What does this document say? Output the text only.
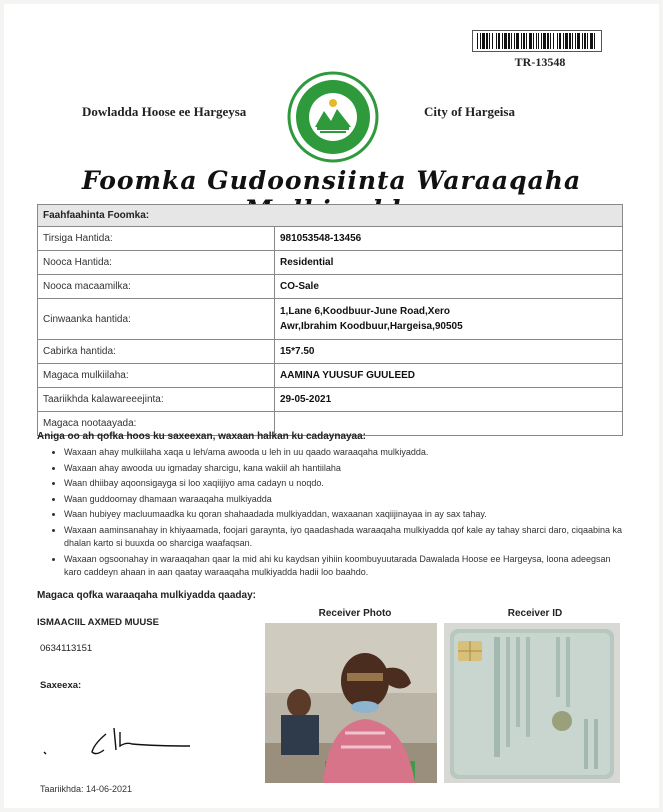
TR-13548
Dowladda Hoose ee Hargeysa	City of Hargeisa
Foomka Gudoonsiinta Waraaqaha
Faahfaahinta Foomka:	
Tirsiga Hantida:	981053548-13456
Nooca Hantida:	Residential
Nooca macaamilka:	CO-Sale
Cinwaanka hantida:	1,Lane 6,Koodbuur-June Road,Xero Awr,Ibrahim Koodbuur,Hargeisa,90505
Cabirka hantida:	15*7.50
Magaca mulkiilaha:	AAMINA YUUSUF GUULEED
Taariikhda kalawareeejinta:	29-05-2021
Magaca nootaayada:	
Aniga oo ah qofka hoos ku saxeexan, waxaan halkan ku cadaynayaa:
• Waxaan ahay mulkiilaha xaqa u leh/ama awooda u leh in uu qaado waraaqaha mulkiyadda.
• Waxaan ahay awooda uu igmaday sharcigu, kana wakiil ah hantiilaha
• Waan dhiibay aqoonsigayga si loo xaqiijiyo ama cadayn u noqdo.
• Waan guddoomay dhamaan waraaqaha mulkiyadda
• Waan hubiyey macluumaadka ku qoran shahaadada mulkiyaddan, waxaanan xaqiijinayaa in ay sax tahay.
• Waxaan aaminsanahay in khiyaamada, foojari garaynta, iyo qaadashada waraaqaha mulkiyadda qof kale ay tahay sharci daro, ciqaabina ka dhalan karto si buuxda oo sharciga waafaqsan.
• Waxaan ogsoonahay in waraaqahan qaar la mid ahi ku kaydsan yihiin koombuyuutarada Dawalada Hoose ee Hargeysa, loona adeegsan karo caddeyn ahaan in aan qaatay waraaqaha mulkiyadda hadii loo baahdo.
Magaca qofka waraaqaha mulkiyadda qaaday:
Receiver Photo	Receiver ID
ISMAACIIL AXMED MUUSE
0634113151
Saxeexa:
Taariikhda: 14-06-2021
